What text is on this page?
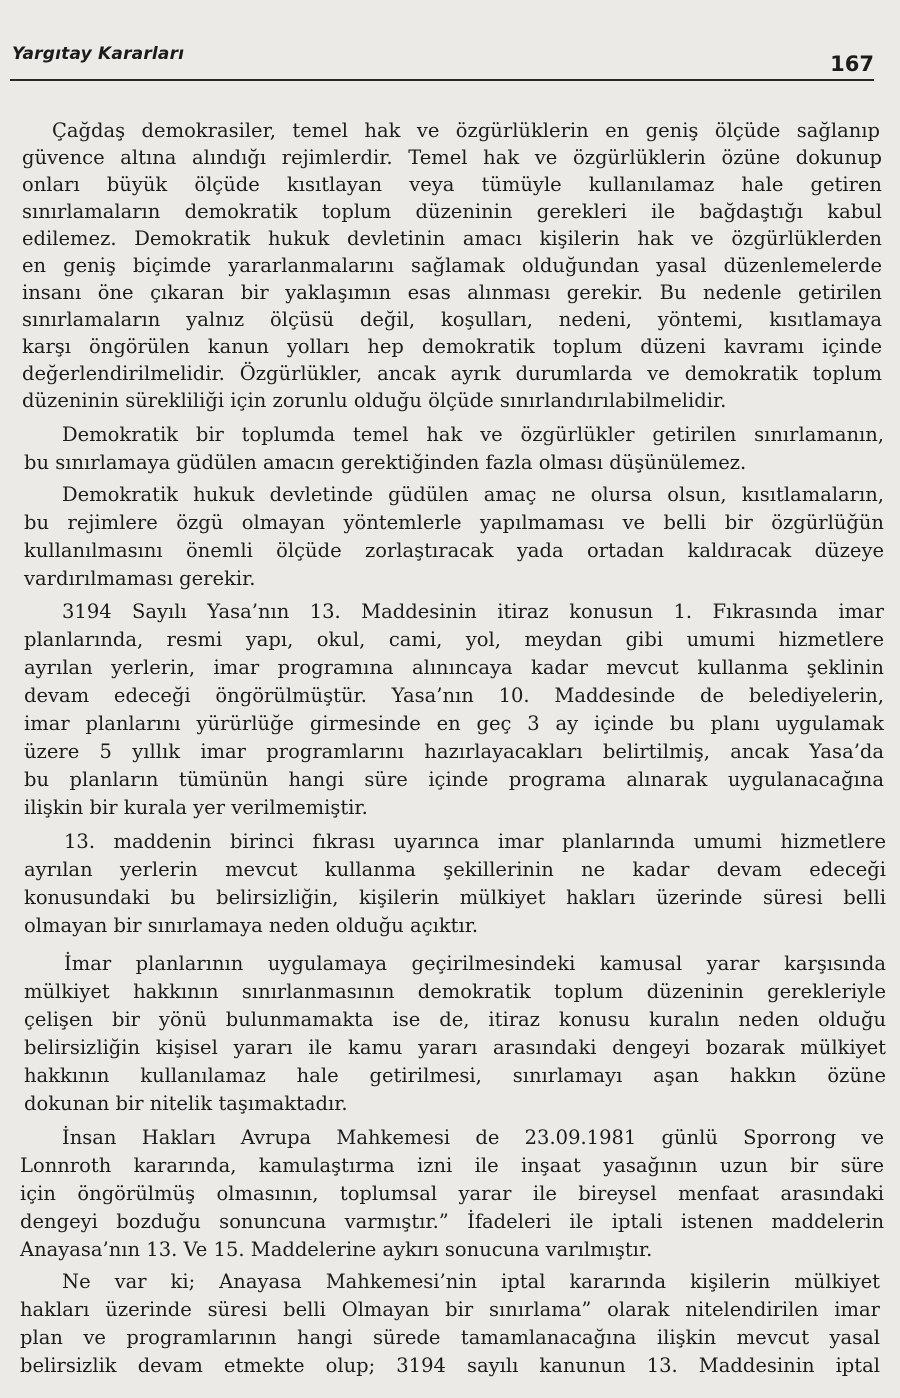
Yargıtay Kararları	167
Çağdaş demokrasiler, temel hak ve özgürlüklerin en geniş ölçüde sağlanıp
güvence altına alındığı rejimlerdir. Temel hak ve özgürlüklerin özüne dokunup
onları büyük ölçüde kısıtlayan veya tümüyle kullanılamaz hale getiren
sınırlamaların demokratik toplum düzeninin gerekleri ile bağdaştığı kabul
edilemez. Demokratik hukuk devletinin amacı kişilerin hak ve özgürlüklerden
en geniş biçimde yararlanmalarını sağlamak olduğundan yasal düzenlemelerde
insanı öne çıkaran bir yaklaşımın esas alınması gerekir. Bu nedenle getirilen
sınırlamaların yalnız ölçüsü değil, koşulları, nedeni, yöntemi, kısıtlamaya
karşı öngörülen kanun yolları hep demokratik toplum düzeni kavramı içinde
değerlendirilmelidir. Özgürlükler, ancak ayrık durumlarda ve demokratik toplum
düzeninin sürekliliği için zorunlu olduğu ölçüde sınırlandırılabilmelidir.
Demokratik bir toplumda temel hak ve özgürlükler getirilen sınırlamanın,
bu sınırlamaya güdülen amacın gerektiğinden fazla olması düşünülemez.
Demokratik hukuk devletinde güdülen amaç ne olursa olsun, kısıtlamaların,
bu rejimlere özgü olmayan yöntemlerle yapılmaması ve belli bir özgürlüğün
kullanılmasını önemli ölçüde zorlaştıracak yada ortadan kaldıracak düzeye
vardırılmaması gerekir.
3194 Sayılı Yasa’nın 13. Maddesinin itiraz konusun 1. Fıkrasında imar
planlarında, resmi yapı, okul, cami, yol, meydan gibi umumi hizmetlere
ayrılan yerlerin, imar programına alınıncaya kadar mevcut kullanma şeklinin
devam edeceği öngörülmüştür. Yasa’nın 10. Maddesinde de belediyelerin,
imar planlarını yürürlüğe girmesinde en geç 3 ay içinde bu planı uygulamak
üzere 5 yıllık imar programlarını hazırlayacakları belirtilmiş, ancak Yasa’da
bu planların tümünün hangi süre içinde programa alınarak uygulanacağına
ilişkin bir kurala yer verilmemiştir.
13. maddenin birinci fıkrası uyarınca imar planlarında umumi hizmetlere
ayrılan yerlerin mevcut kullanma şekillerinin ne kadar devam edeceği
konusundaki bu belirsizliğin, kişilerin mülkiyet hakları üzerinde süresi belli
olmayan bir sınırlamaya neden olduğu açıktır.
İmar planlarının uygulamaya geçirilmesindeki kamusal yarar karşısında
mülkiyet hakkının sınırlanmasının demokratik toplum düzeninin gerekleriyle
çelişen bir yönü bulunmamakta ise de, itiraz konusu kuralın neden olduğu
belirsizliğin kişisel yararı ile kamu yararı arasındaki dengeyi bozarak mülkiyet
hakkının kullanılamaz hale getirilmesi, sınırlamayı aşan hakkın özüne
dokunan bir nitelik taşımaktadır.
İnsan Hakları Avrupa Mahkemesi de 23.09.1981 günlü Sporrong ve
Lonnroth kararında, kamulaştırma izni ile inşaat yasağının uzun bir süre
için öngörülmüş olmasının, toplumsal yarar ile bireysel menfaat arasındaki
dengeyi bozduğu sonuncuna varmıştır.” İfadeleri ile iptali istenen maddelerin
Anayasa’nın 13. Ve 15. Maddelerine aykırı sonucuna varılmıştır.
Ne var ki; Anayasa Mahkemesi’nin iptal kararında kişilerin mülkiyet
hakları üzerinde süresi belli Olmayan bir sınırlama” olarak nitelendirilen imar
plan ve programlarının hangi sürede tamamlanacağına ilişkin mevcut yasal
belirsizlik devam etmekte olup; 3194 sayılı kanunun 13. Maddesinin iptal
